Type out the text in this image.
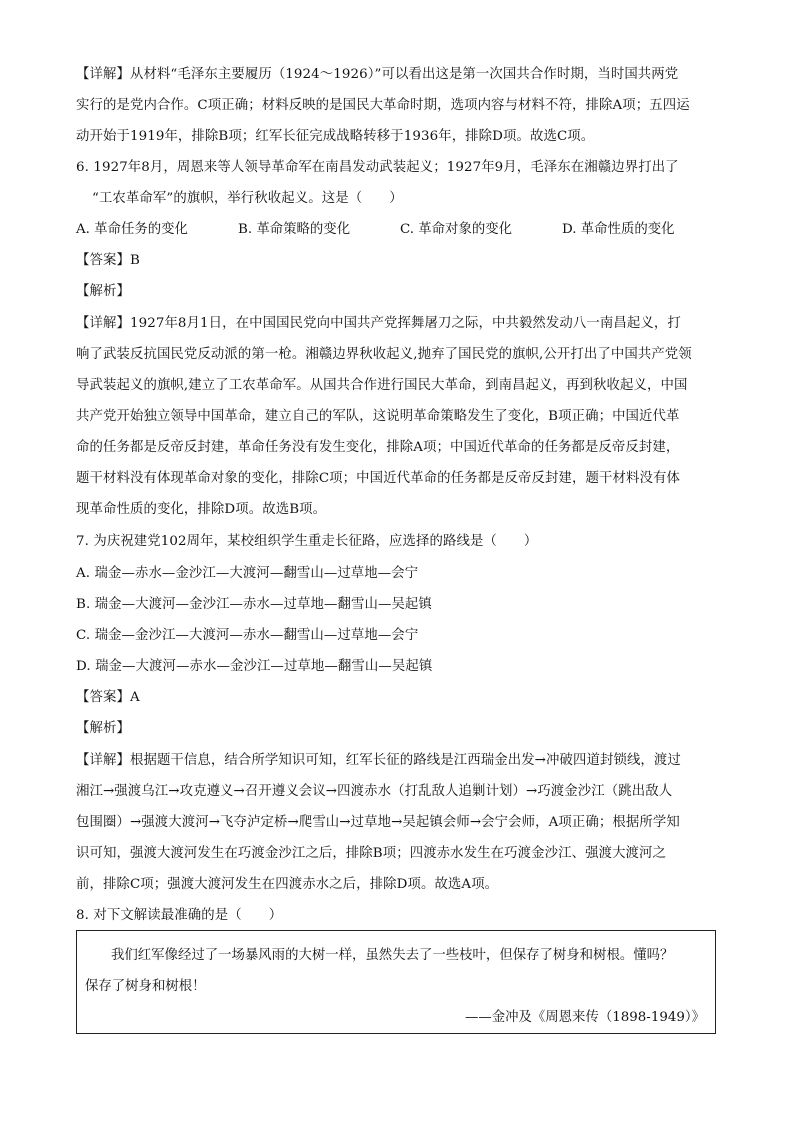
【详解】从材料“毛泽东主要履历（1924～1926）”可以看出这是第一次国共合作时期，当时国共两党
实行的是党内合作。C项正确；材料反映的是国民大革命时期，选项内容与材料不符，排除A项；五四运
动开始于1919年，排除B项；红军长征完成战略转移于1936年，排除D项。故选C项。
6. 1927年8月，周恩来等人领导革命军在南昌发动武装起义；1927年9月，毛泽东在湘赣边界打出了
“工农革命军”的旗帜，举行秋收起义。这是（　　）
A. 革命任务的变化	B. 革命策略的变化	C. 革命对象的变化	D. 革命性质的变化
【答案】B
【解析】
【详解】1927年8月1日，在中国国民党向中国共产党挥舞屠刀之际，中共毅然发动八一南昌起义，打
响了武装反抗国民党反动派的第一枪。湘赣边界秋收起义,抛弃了国民党的旗帜,公开打出了中国共产党领
导武装起义的旗帜,建立了工农革命军。从国共合作进行国民大革命，到南昌起义，再到秋收起义，中国
共产党开始独立领导中国革命，建立自己的军队，这说明革命策略发生了变化，B项正确；中国近代革
命的任务都是反帝反封建，革命任务没有发生变化，排除A项；中国近代革命的任务都是反帝反封建，
题干材料没有体现革命对象的变化，排除C项；中国近代革命的任务都是反帝反封建，题干材料没有体
现革命性质的变化，排除D项。故选B项。
7. 为庆祝建党102周年，某校组织学生重走长征路，应选择的路线是（　　）
A. 瑞金—赤水—金沙江—大渡河—翻雪山—过草地—会宁
B. 瑞金—大渡河—金沙江—赤水—过草地—翻雪山—吴起镇
C. 瑞金—金沙江—大渡河—赤水—翻雪山—过草地—会宁
D. 瑞金—大渡河—赤水—金沙江—过草地—翻雪山—吴起镇
【答案】A
【解析】
【详解】根据题干信息，结合所学知识可知，红军长征的路线是江西瑞金出发→冲破四道封锁线，渡过
湘江→强渡乌江→攻克遵义→召开遵义会议→四渡赤水（打乱敌人追剿计划）→巧渡金沙江（跳出敌人
包围圈）→强渡大渡河→飞夺泸定桥→爬雪山→过草地→吴起镇会师→会宁会师，A项正确；根据所学知
识可知，强渡大渡河发生在巧渡金沙江之后，排除B项；四渡赤水发生在巧渡金沙江、强渡大渡河之
前，排除C项；强渡大渡河发生在四渡赤水之后，排除D项。故选A项。
8. 对下文解读最准确的是（　　）
我们红军像经过了一场暴风雨的大树一样，虽然失去了一些枝叶，但保存了树身和树根。懂吗？
保存了树身和树根！
——金冲及《周恩来传（1898-1949）》
